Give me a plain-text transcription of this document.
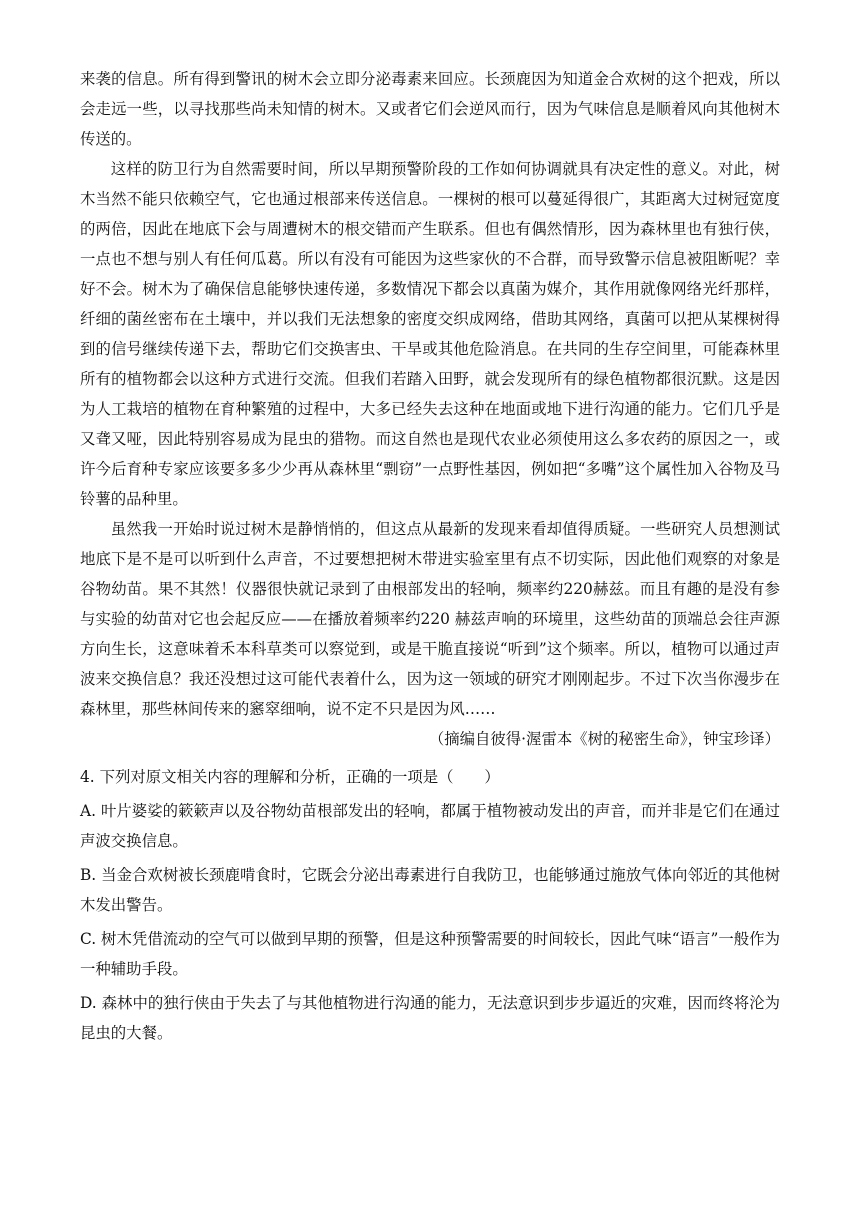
来袭的信息。所有得到警讯的树木会立即分泌毒素来回应。长颈鹿因为知道金合欢树的这个把戏，所以会走远一些，以寻找那些尚未知情的树木。又或者它们会逆风而行，因为气味信息是顺着风向其他树木传送的。

这样的防卫行为自然需要时间，所以早期预警阶段的工作如何协调就具有决定性的意义。对此，树木当然不能只依赖空气，它也通过根部来传送信息。一棵树的根可以蔓延得很广，其距离大过树冠宽度的两倍，因此在地底下会与周遭树木的根交错而产生联系。但也有偶然情形，因为森林里也有独行侠，一点也不想与别人有任何瓜葛。所以有没有可能因为这些家伙的不合群，而导致警示信息被阻断呢？幸好不会。树木为了确保信息能够快速传递，多数情况下都会以真菌为媒介，其作用就像网络光纤那样，纤细的菌丝密布在土壤中，并以我们无法想象的密度交织成网络，借助其网络，真菌可以把从某棵树得到的信号继续传递下去，帮助它们交换害虫、干旱或其他危险消息。在共同的生存空间里，可能森林里所有的植物都会以这种方式进行交流。但我们若踏入田野，就会发现所有的绿色植物都很沉默。这是因为人工栽培的植物在育种繁殖的过程中，大多已经失去这种在地面或地下进行沟通的能力。它们几乎是又聋又哑，因此特别容易成为昆虫的猎物。而这自然也是现代农业必须使用这么多农药的原因之一，或许今后育种专家应该要多多少少再从森林里“剽窃”一点野性基因，例如把“多嘴”这个属性加入谷物及马铃薯的品种里。

虽然我一开始时说过树木是静悄悄的，但这点从最新的发现来看却值得质疑。一些研究人员想测试地底下是不是可以听到什么声音，不过要想把树木带进实验室里有点不切实际，因此他们观察的对象是谷物幼苗。果不其然！仪器很快就记录到了由根部发出的轻响，频率约220赫兹。而且有趣的是没有参与实验的幼苗对它也会起反应——在播放着频率约220 赫兹声响的环境里，这些幼苗的顶端总会往声源方向生长，这意味着禾本科草类可以察觉到，或是干脆直接说“听到”这个频率。所以，植物可以通过声波来交换信息？我还没想过这可能代表着什么，因为这一领域的研究才刚刚起步。不过下次当你漫步在森林里，那些林间传来的窸窣细响，说不定不只是因为风……

（摘编自彼得·渥雷本《树的秘密生命》，钟宝珍译）

4. 下列对原文相关内容的理解和分析，正确的一项是（　　）

A. 叶片婆娑的簌簌声以及谷物幼苗根部发出的轻响，都属于植物被动发出的声音，而并非是它们在通过声波交换信息。

B. 当金合欢树被长颈鹿啃食时，它既会分泌出毒素进行自我防卫，也能够通过施放气体向邻近的其他树木发出警告。

C. 树木凭借流动的空气可以做到早期的预警，但是这种预警需要的时间较长，因此气味“语言”一般作为一种辅助手段。

D. 森林中的独行侠由于失去了与其他植物进行沟通的能力，无法意识到步步逼近的灾难，因而终将沦为昆虫的大餐。
